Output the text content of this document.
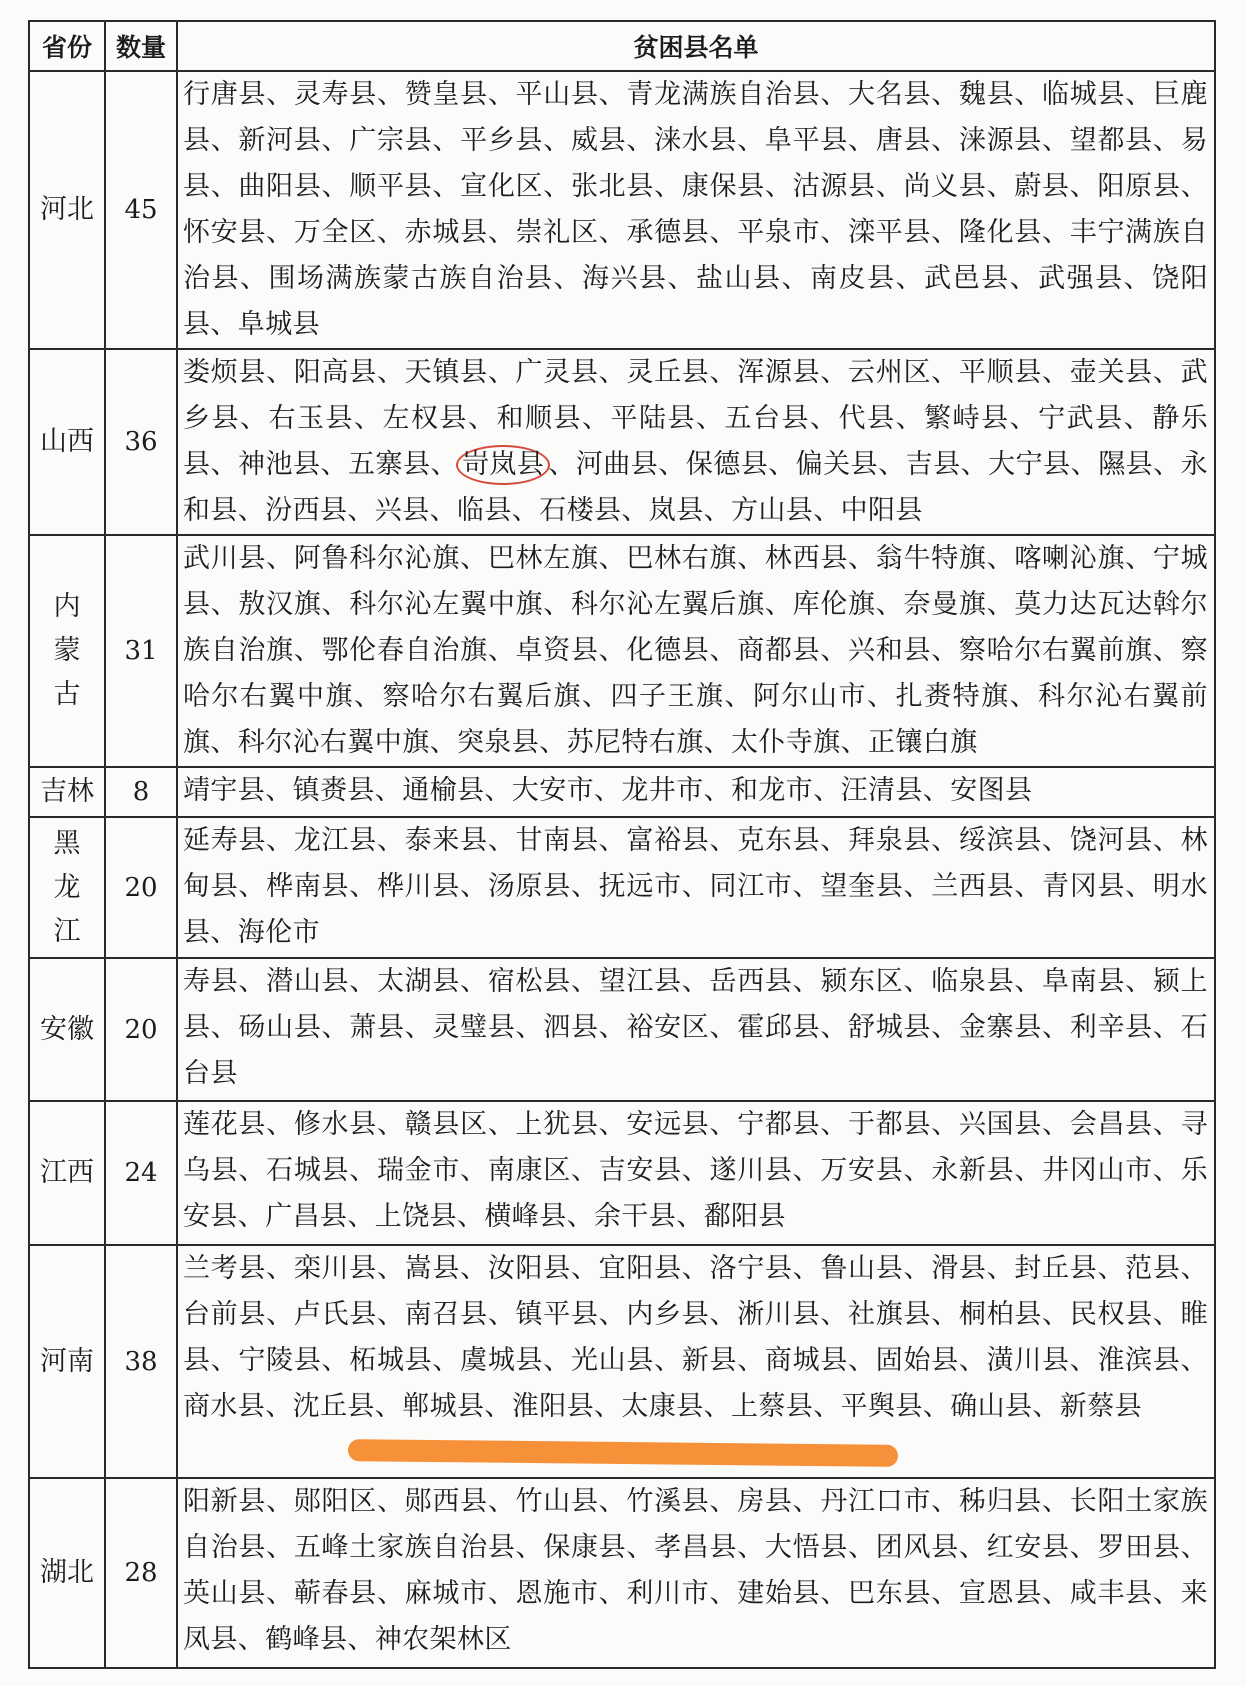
省份	数量	贫困县名单
河北	45	行唐县、灵寿县、赞皇县、平山县、青龙满族自治县、大名县、魏县、临城县、巨鹿县、新河县、广宗县、平乡县、威县、涞水县、阜平县、唐县、涞源县、望都县、易县、曲阳县、顺平县、宣化区、张北县、康保县、沽源县、尚义县、蔚县、阳原县、怀安县、万全区、赤城县、崇礼区、承德县、平泉市、滦平县、隆化县、丰宁满族自治县、围场满族蒙古族自治县、海兴县、盐山县、南皮县、武邑县、武强县、饶阳县、阜城县
山西	36	娄烦县、阳高县、天镇县、广灵县、灵丘县、浑源县、云州区、平顺县、壶关县、武乡县、右玉县、左权县、和顺县、平陆县、五台县、代县、繁峙县、宁武县、静乐县、神池县、五寨县、 岢岚县 、河曲县、保德县、偏关县、吉县、大宁县、隰县、永和县、汾西县、兴县、临县、石楼县、岚县、方山县、中阳县
内蒙古	31	武川县、阿鲁科尔沁旗、巴林左旗、巴林右旗、林西县、翁牛特旗、喀喇沁旗、宁城县、敖汉旗、科尔沁左翼中旗、科尔沁左翼后旗、库伦旗、奈曼旗、莫力达瓦达斡尔族自治旗、鄂伦春自治旗、卓资县、化德县、商都县、兴和县、察哈尔右翼前旗、察哈尔右翼中旗、察哈尔右翼后旗、四子王旗、阿尔山市、扎赉特旗、科尔沁右翼前旗、科尔沁右翼中旗、突泉县、苏尼特右旗、太仆寺旗、正镶白旗
吉林	8	靖宇县、镇赉县、通榆县、大安市、龙井市、和龙市、汪清县、安图县
黑龙江	20	延寿县、龙江县、泰来县、甘南县、富裕县、克东县、拜泉县、绥滨县、饶河县、林甸县、桦南县、桦川县、汤原县、抚远市、同江市、望奎县、兰西县、青冈县、明水县、海伦市
安徽	20	寿县、潜山县、太湖县、宿松县、望江县、岳西县、颍东区、临泉县、阜南县、颍上县、砀山县、萧县、灵璧县、泗县、裕安区、霍邱县、舒城县、金寨县、利辛县、石台县
江西	24	莲花县、修水县、赣县区、上犹县、安远县、宁都县、于都县、兴国县、会昌县、寻乌县、石城县、瑞金市、南康区、吉安县、遂川县、万安县、永新县、井冈山市、乐安县、广昌县、上饶县、横峰县、余干县、鄱阳县
河南	38	兰考县、栾川县、嵩县、汝阳县、宜阳县、洛宁县、鲁山县、滑县、封丘县、范县、台前县、卢氏县、南召县、镇平县、内乡县、淅川县、社旗县、桐柏县、民权县、睢县、宁陵县、柘城县、虞城县、光山县、新县、商城县、固始县、潢川县、淮滨县、商水县、沈丘县、郸城县、淮阳县、太康县、上蔡县、平舆县、确山县、新蔡县
湖北	28	阳新县、郧阳区、郧西县、竹山县、竹溪县、房县、丹江口市、秭归县、长阳土家族自治县、五峰土家族自治县、保康县、孝昌县、大悟县、团风县、红安县、罗田县、英山县、蕲春县、麻城市、恩施市、利川市、建始县、巴东县、宣恩县、咸丰县、来凤县、鹤峰县、神农架林区
